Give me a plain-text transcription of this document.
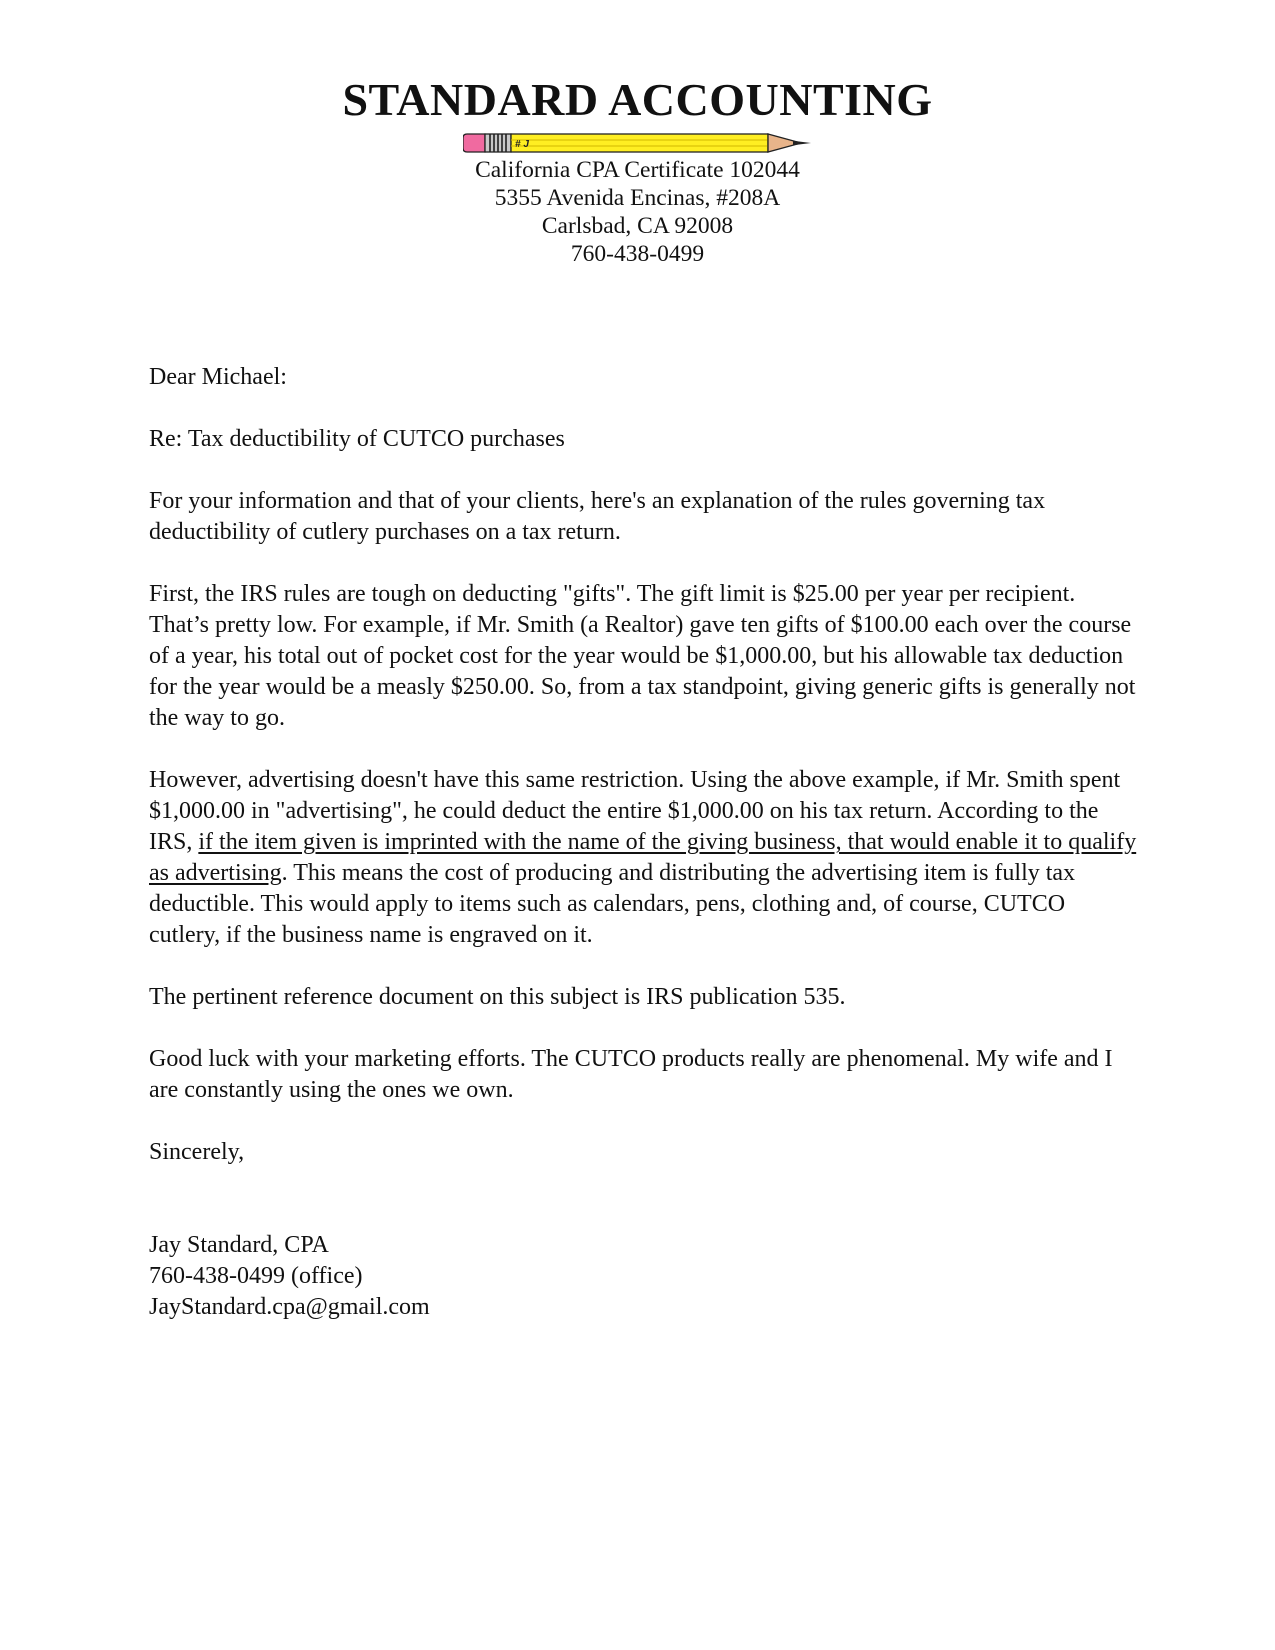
STANDARD ACCOUNTING
# J
California CPA Certificate 102044
5355 Avenida Encinas, #208A
Carlsbad, CA 92008
760-438-0499

Dear Michael:

Re: Tax deductibility of CUTCO purchases

For your information and that of your clients, here's an explanation of the rules governing tax deductibility of cutlery purchases on a tax return.

First, the IRS rules are tough on deducting "gifts". The gift limit is $25.00 per year per recipient. That’s pretty low. For example, if Mr. Smith (a Realtor) gave ten gifts of $100.00 each over the course of a year, his total out of pocket cost for the year would be $1,000.00, but his allowable tax deduction for the year would be a measly $250.00. So, from a tax standpoint, giving generic gifts is generally not the way to go.

However, advertising doesn't have this same restriction. Using the above example, if Mr. Smith spent $1,000.00 in "advertising", he could deduct the entire $1,000.00 on his tax return. According to the IRS, if the item given is imprinted with the name of the giving business, that would enable it to qualify as advertising. This means the cost of producing and distributing the advertising item is fully tax deductible. This would apply to items such as calendars, pens, clothing and, of course, CUTCO cutlery, if the business name is engraved on it.

The pertinent reference document on this subject is IRS publication 535.

Good luck with your marketing efforts. The CUTCO products really are phenomenal. My wife and I are constantly using the ones we own.

Sincerely,

Jay Standard, CPA
760-438-0499 (office)
JayStandard.cpa@gmail.com
